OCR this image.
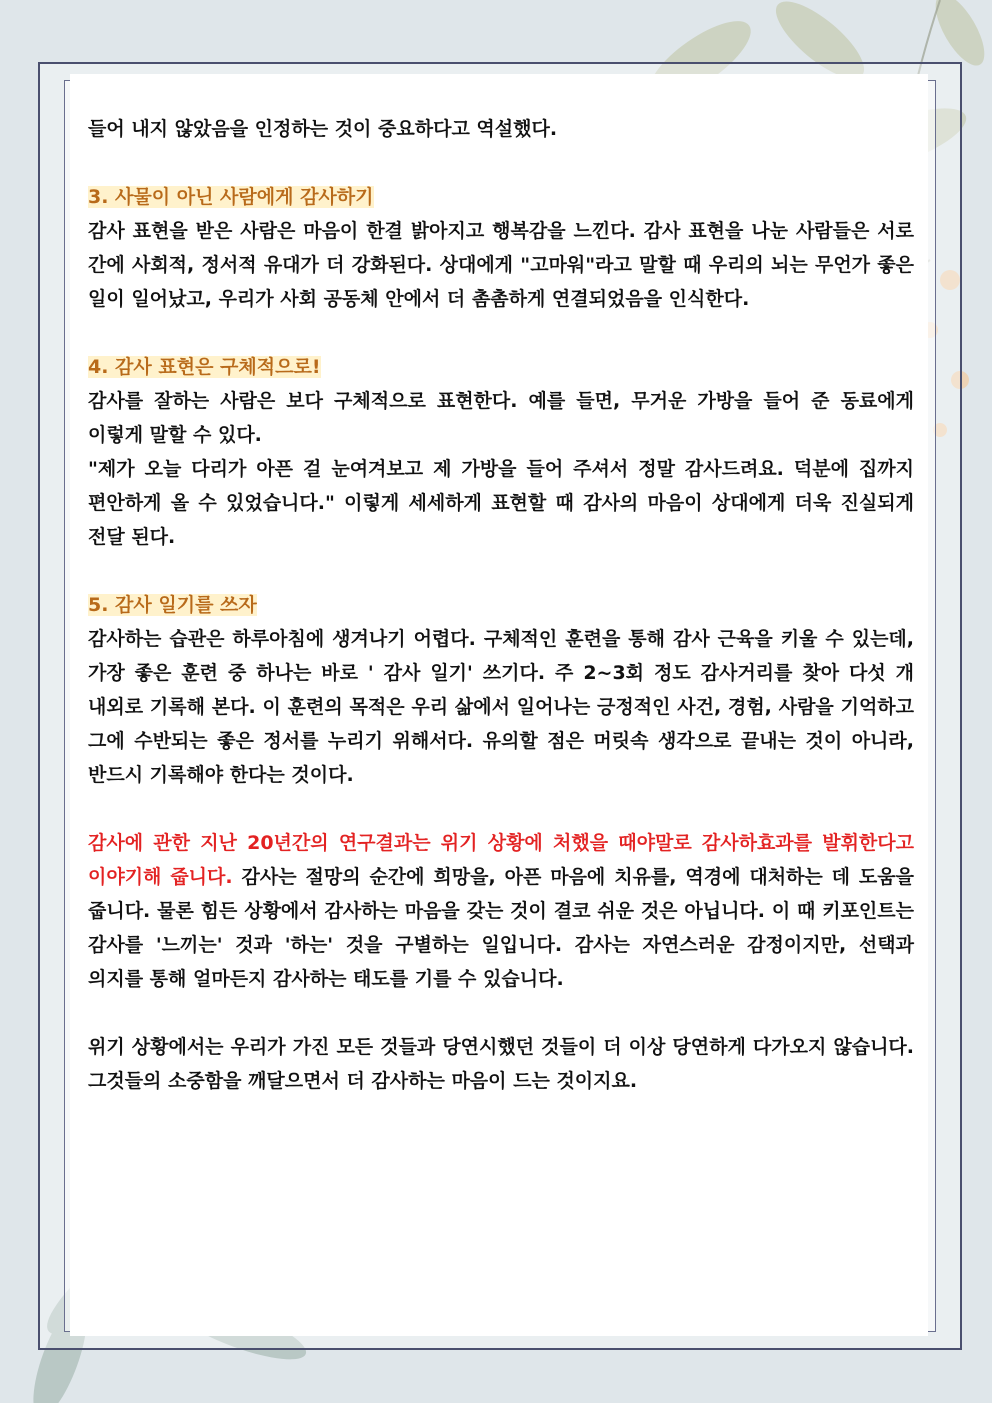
들어 내지 않았음을 인정하는 것이 중요하다고 역설했다.

3. 사물이 아닌 사람에게 감사하기

감사 표현을 받은 사람은 마음이 한결 밝아지고 행복감을 느낀다. 감사 표현을 나눈 사람들은 서로 간에 사회적, 정서적 유대가 더 강화된다. 상대에게 "고마워"라고 말할 때 우리의 뇌는 무언가 좋은 일이 일어났고, 우리가 사회 공동체 안에서 더 촘촘하게 연결되었음을 인식한다.

4. 감사 표현은 구체적으로!

감사를 잘하는 사람은 보다 구체적으로 표현한다. 예를 들면, 무거운 가방을 들어 준 동료에게 이렇게 말할 수 있다.

"제가 오늘 다리가 아픈 걸 눈여겨보고 제 가방을 들어 주셔서 정말 감사드려요. 덕분에 집까지 편안하게 올 수 있었습니다." 이렇게 세세하게 표현할 때 감사의 마음이 상대에게 더욱 진실되게 전달 된다.

5. 감사 일기를 쓰자

감사하는 습관은 하루아침에 생겨나기 어렵다. 구체적인 훈련을 통해 감사 근육을 키울 수 있는데, 가장 좋은 훈련 중 하나는 바로 ' 감사 일기' 쓰기다. 주 2~3회 정도 감사거리를 찾아 다섯 개 내외로 기록해 본다. 이 훈련의 목적은 우리 삶에서 일어나는 긍정적인 사건, 경험, 사람을 기억하고 그에 수반되는 좋은 정서를 누리기 위해서다. 유의할 점은 머릿속 생각으로 끝내는 것이 아니라, 반드시 기록해야 한다는 것이다.

감사에 관한 지난 20년간의 연구결과는 위기 상황에 처했을 때야말로 감사하효과를 발휘한다고 이야기해 줍니다. 감사는 절망의 순간에 희망을, 아픈 마음에 치유를, 역경에 대처하는 데 도움을 줍니다. 물론 힘든 상황에서 감사하는 마음을 갖는 것이 결코 쉬운 것은 아닙니다. 이 때 키포인트는 감사를 '느끼는' 것과 '하는' 것을 구별하는 일입니다. 감사는 자연스러운 감정이지만, 선택과 의지를 통해 얼마든지 감사하는 태도를 기를 수 있습니다.

위기 상황에서는 우리가 가진 모든 것들과 당연시했던 것들이 더 이상 당연하게 다가오지 않습니다. 그것들의 소중함을 깨달으면서 더 감사하는 마음이 드는 것이지요.
